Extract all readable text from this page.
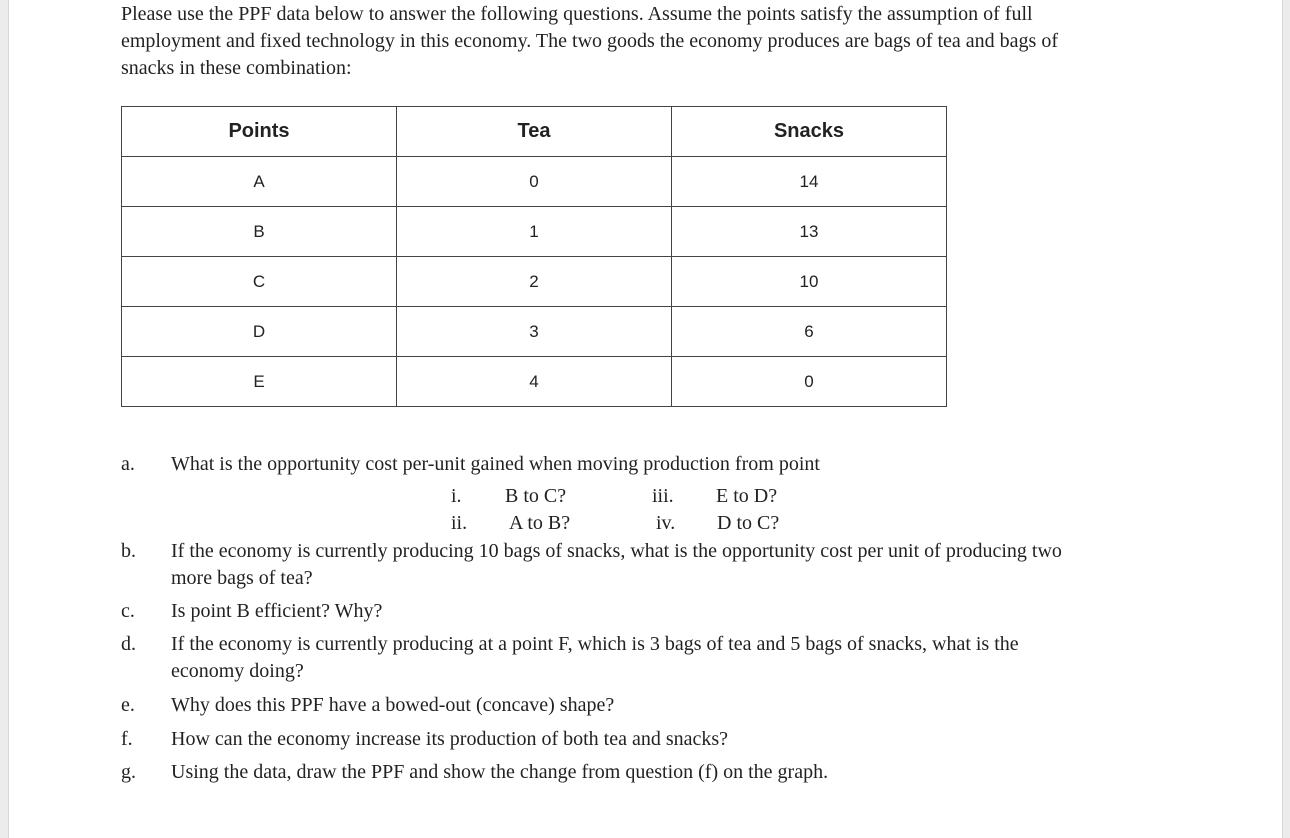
Please use the PPF data below to answer the following questions. Assume the points satisfy the assumption of full employment and fixed technology in this economy. The two goods the economy produces are bags of tea and bags of snacks in these combination:

Points	Tea	Snacks
A	0	14
B	1	13
C	2	10
D	3	6
E	4	0
a. What is the opportunity cost per-unit gained when moving production from point
i. B to C?
ii. A to B?
iii. E to D?
iv. D to C?
b. If the economy is currently producing 10 bags of snacks, what is the opportunity cost per unit of producing two more bags of tea?
c. Is point B efficient? Why?
d. If the economy is currently producing at a point F, which is 3 bags of tea and 5 bags of snacks, what is the economy doing?
e. Why does this PPF have a bowed-out (concave) shape?
f. How can the economy increase its production of both tea and snacks?
g. Using the data, draw the PPF and show the change from question (f) on the graph.
